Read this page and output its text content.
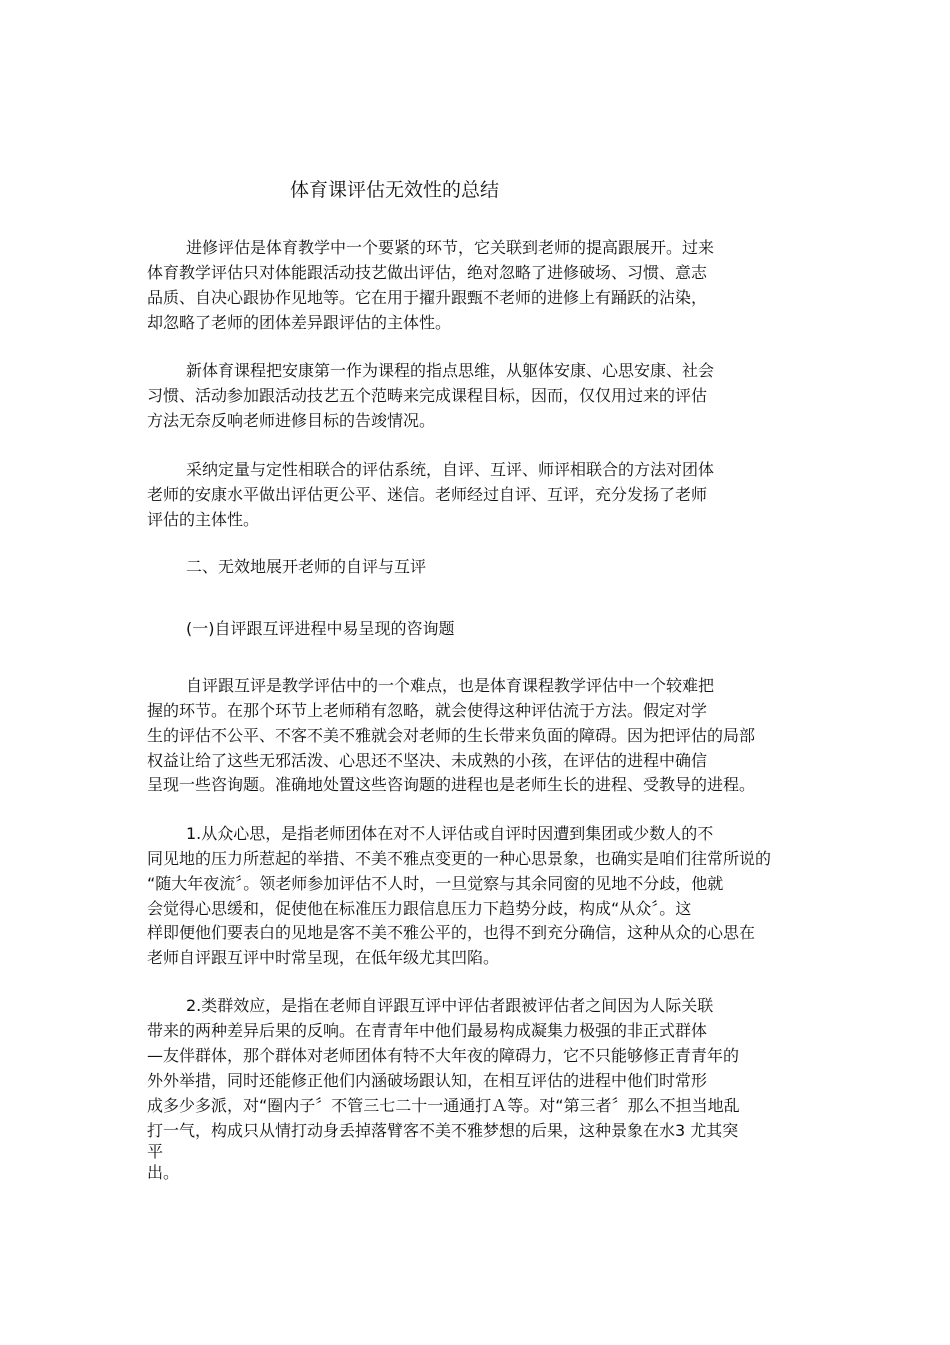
体育课评估无效性的总结

进修评估是体育教学中一个要紧的环节，它关联到老师的提高跟展开。过来

体育教学评估只对体能跟活动技艺做出评估，绝对忽略了进修破场、习惯、意志

品质、自决心跟协作见地等。它在用于擢升跟甄不老师的进修上有踊跃的沾染，

却忽略了老师的团体差异跟评估的主体性。

新体育课程把安康第一作为课程的指点思维，从躯体安康、心思安康、社会

习惯、活动参加跟活动技艺五个范畴来完成课程目标，因而，仅仅用过来的评估

方法无奈反响老师进修目标的告竣情况。

采纳定量与定性相联合的评估系统，自评、互评、师评相联合的方法对团体

老师的安康水平做出评估更公平、迷信。老师经过自评、互评，充分发扬了老师

评估的主体性。

二、无效地展开老师的自评与互评

(一)自评跟互评进程中易呈现的咨询题

自评跟互评是教学评估中的一个难点，也是体育课程教学评估中一个较难把

握的环节。在那个环节上老师稍有忽略，就会使得这种评估流于方法。假定对学

生的评估不公平、不客不美不雅就会对老师的生长带来负面的障碍。因为把评估的局部

权益让给了这些无邪活泼、心思还不坚决、未成熟的小孩，在评估的进程中确信

呈现一些咨询题。准确地处置这些咨询题的进程也是老师生长的进程、受教导的进程。

1.从众心思，是指老师团体在对不人评估或自评时因遭到集团或少数人的不

同见地的压力所惹起的举措、不美不雅点变更的一种心思景象，也确实是咱们往常所说的

“随大年夜流〞。领老师参加评估不人时，一旦觉察与其余同窗的见地不分歧，他就

会觉得心思缓和，促使他在标准压力跟信息压力下趋势分歧，构成“从众〞。这

样即便他们要表白的见地是客不美不雅公平的，也得不到充分确信，这种从众的心思在

老师自评跟互评中时常呈现，在低年级尤其凹陷。

2.类群效应，是指在老师自评跟互评中评估者跟被评估者之间因为人际关联

带来的两种差异后果的反响。在青青年中他们最易构成凝集力极强的非正式群体

—友伴群体，那个群体对老师团体有特不大年夜的障碍力，它不只能够修正青青年的

外外举措，同时还能修正他们内涵破场跟认知，在相互评估的进程中他们时常形

成多少多派，对“圈内子〞不管三七二十一通通打Ａ等。对“第三者〞那么不担当地乱

打一气，构成只从情打动身丢掉落臂客不美不雅梦想的后果，这种景象在水3 尤其突

平

出。
